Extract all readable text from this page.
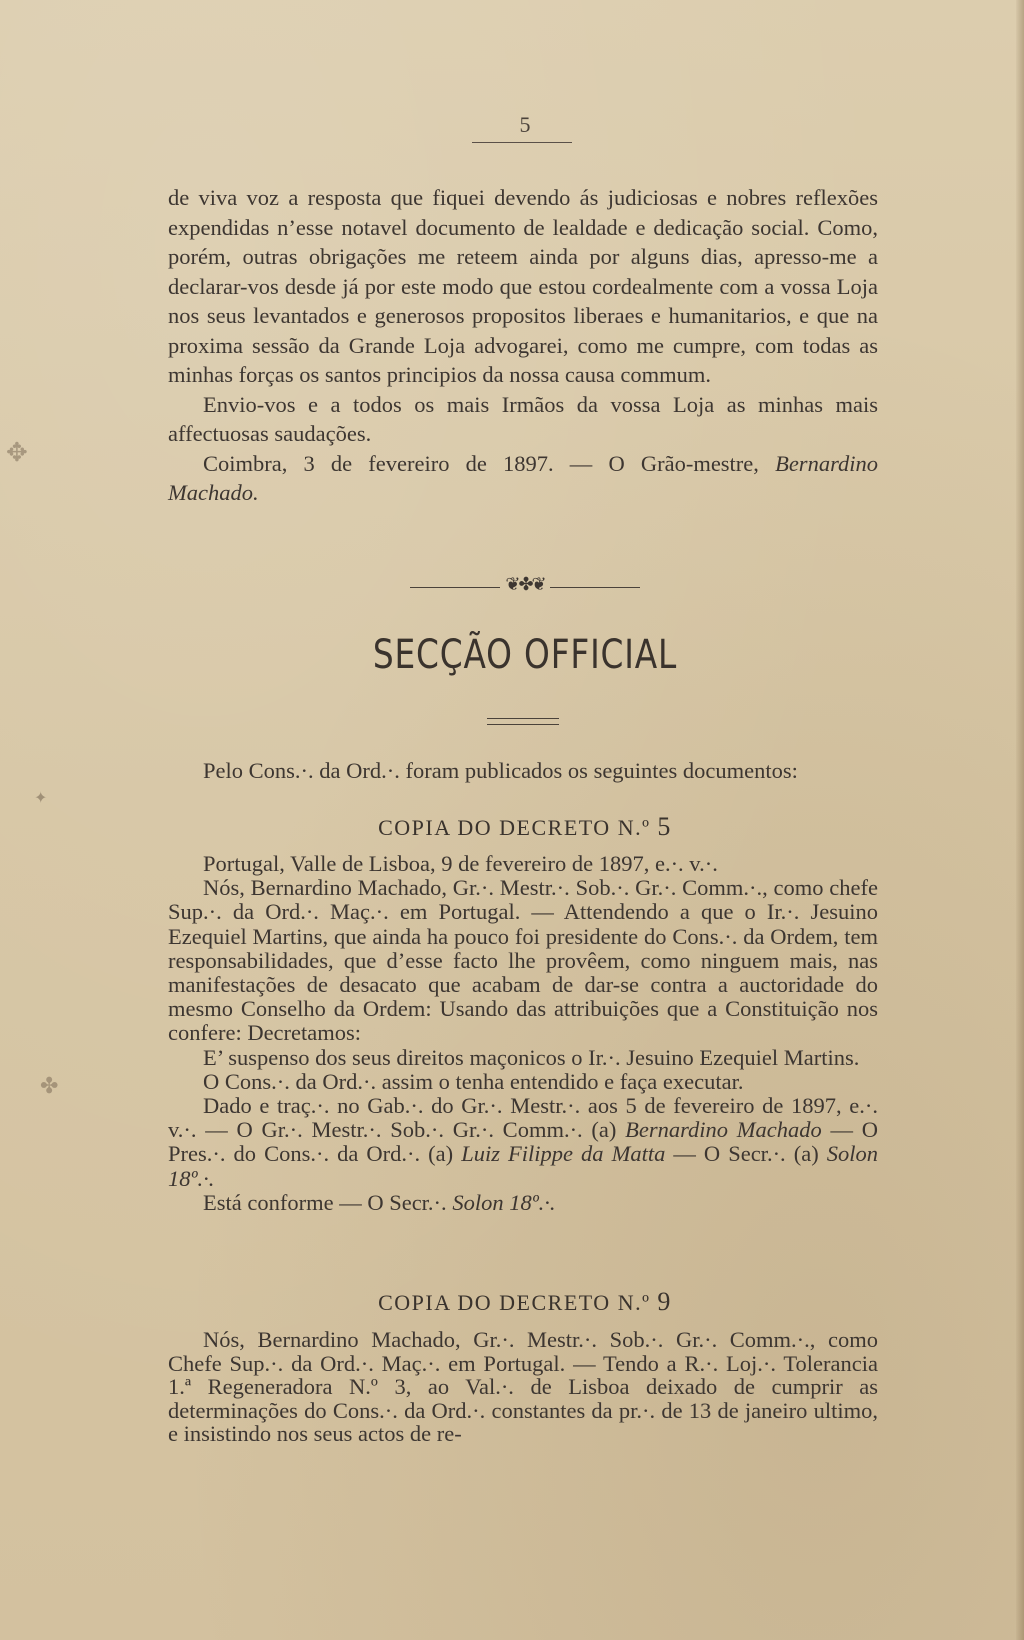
5

de viva voz a resposta que fiquei devendo ás judiciosas e nobres reflexões expendidas n’esse notavel documento de lealdade e dedicação social. Como, porém, outras obrigações me reteem ainda por alguns dias, apresso-me a declarar-vos desde já por este modo que estou cordealmente com a vossa Loja nos seus levantados e generosos propositos liberaes e humanitarios, e que na proxima sessão da Grande Loja advogarei, como me cumpre, com todas as minhas forças os santos principios da nossa causa commum.

Envio-vos e a todos os mais Irmãos da vossa Loja as minhas mais affectuosas saudações.

Coimbra, 3 de fevereiro de 1897. — O Grão-mestre, Bernardino Machado.

❦✤❦
SECÇÃO OFFICIAL

Pelo Cons.·. da Ord.·. foram publicados os seguintes documentos:

COPIA DO DECRETO N.º 5

Portugal, Valle de Lisboa, 9 de fevereiro de 1897, e.·. v.·.

Nós, Bernardino Machado, Gr.·. Mestr.·. Sob.·. Gr.·. Comm.·., como chefe Sup.·. da Ord.·. Maç.·. em Portugal. — Attendendo a que o Ir.·. Jesuino Ezequiel Martins, que ainda ha pouco foi presidente do Cons.·. da Ordem, tem responsabilidades, que d’esse facto lhe provêem, como ninguem mais, nas manifestações de desacato que acabam de dar-se contra a auctoridade do mesmo Conselho da Ordem: Usando das attribuições que a Constituição nos confere: Decretamos:

E’ suspenso dos seus direitos maçonicos o Ir.·. Jesuino Ezequiel Martins.

O Cons.·. da Ord.·. assim o tenha entendido e faça executar.

Dado e traç.·. no Gab.·. do Gr.·. Mestr.·. aos 5 de fevereiro de 1897, e.·. v.·. — O Gr.·. Mestr.·. Sob.·. Gr.·. Comm.·. (a) Bernardino Machado — O Pres.·. do Cons.·. da Ord.·. (a) Luiz Filippe da Matta — O Secr.·. (a) Solon 18º.·.

Está conforme — O Secr.·. Solon 18º.·.

COPIA DO DECRETO N.º 9

Nós, Bernardino Machado, Gr.·. Mestr.·. Sob.·. Gr.·. Comm.·., como Chefe Sup.·. da Ord.·. Maç.·. em Portugal. — Tendo a R.·. Loj.·. Tolerancia 1.ª Regeneradora N.º 3, ao Val.·. de Lisboa deixado de cumprir as determinações do Cons.·. da Ord.·. constantes da pr.·. de 13 de janeiro ultimo, e insistindo nos seus actos de re-

✥
✦
✤
